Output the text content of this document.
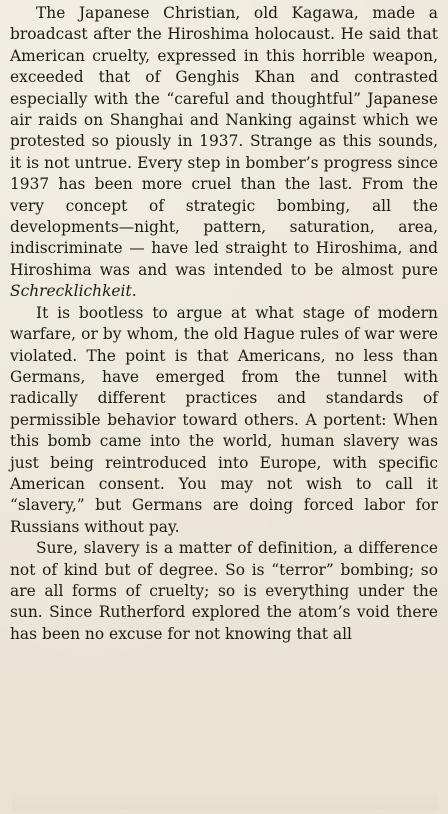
The Japanese Christian, old Kagawa, made a broadcast after the Hiroshima holocaust. He said that American cruelty, expressed in this horrible weapon, exceeded that of Genghis Khan and contrasted especially with the “careful and thoughtful” Japanese air raids on Shanghai and Nanking against which we protested so piously in 1937. Strange as this sounds, it is not untrue. Every step in bomber’s progress since 1937 has been more cruel than the last. From the very concept of strategic bombing, all the developments—night, pattern, saturation, area, indiscriminate — have led straight to Hiroshima, and Hiroshima was and was intended to be almost pure Schrecklichkeit.

It is bootless to argue at what stage of modern warfare, or by whom, the old Hague rules of war were violated. The point is that Americans, no less than Germans, have emerged from the tunnel with radically different practices and standards of permissible behavior toward others. A portent: When this bomb came into the world, human slavery was just being reintroduced into Europe, with specific American consent. You may not wish to call it “slavery,” but Germans are doing forced labor for Russians without pay.

Sure, slavery is a matter of definition, a difference not of kind but of degree. So is “terror” bombing; so are all forms of cruelty; so is everything under the sun. Since Rutherford explored the atom’s void there has been no excuse for not knowing that all
